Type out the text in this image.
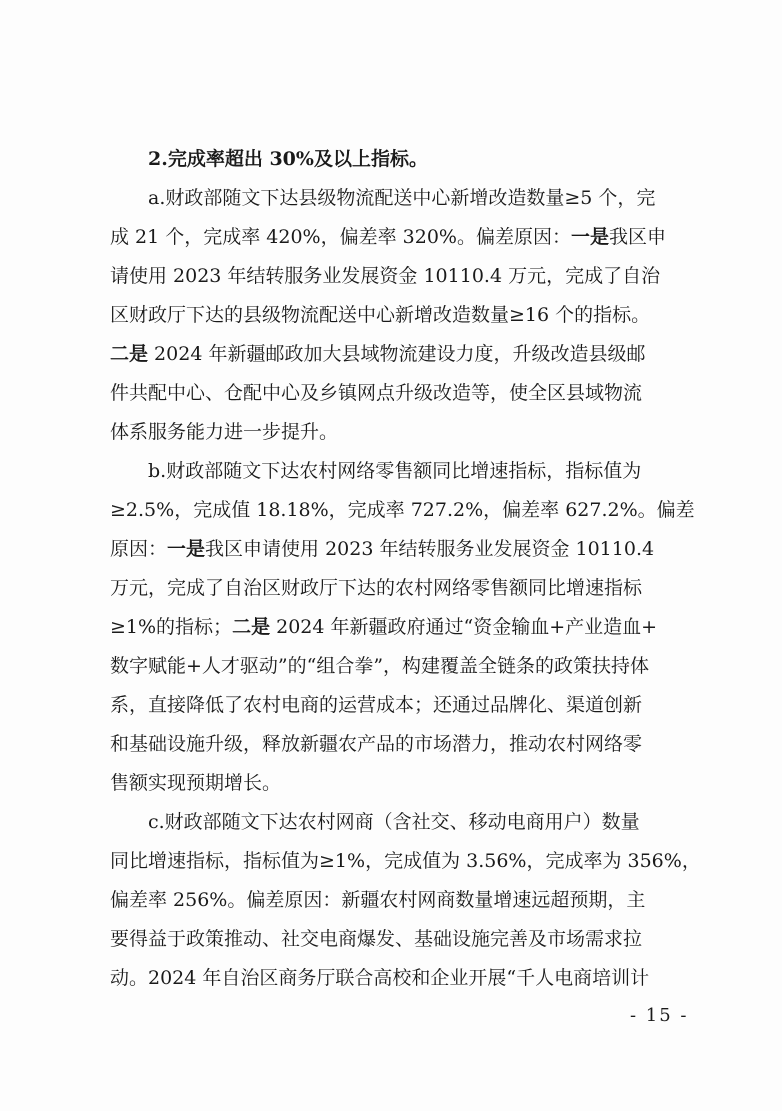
2.完成率超出 30%及以上指标。

a.财政部随文下达县级物流配送中心新增改造数量≥5 个，完
成 21 个，完成率 420%，偏差率 320%。偏差原因：一是我区申
请使用 2023 年结转服务业发展资金 10110.4 万元，完成了自治
区财政厅下达的县级物流配送中心新增改造数量≥16 个的指标。
二是 2024 年新疆邮政加大县域物流建设力度，升级改造县级邮
件共配中心、仓配中心及乡镇网点升级改造等，使全区县域物流
体系服务能力进一步提升。

b.财政部随文下达农村网络零售额同比增速指标，指标值为
≥2.5%，完成值 18.18%，完成率 727.2%，偏差率 627.2%。偏差
原因：一是我区申请使用 2023 年结转服务业发展资金 10110.4
万元，完成了自治区财政厅下达的农村网络零售额同比增速指标
≥1%的指标；二是 2024 年新疆政府通过“资金输血+产业造血+
数字赋能+人才驱动”的“组合拳”，构建覆盖全链条的政策扶持体
系，直接降低了农村电商的运营成本；还通过品牌化、渠道创新
和基础设施升级，释放新疆农产品的市场潜力，推动农村网络零
售额实现预期增长。

c.财政部随文下达农村网商（含社交、移动电商用户）数量
同比增速指标，指标值为≥1%，完成值为 3.56%，完成率为 356%，
偏差率 256%。偏差原因：新疆农村网商数量增速远超预期，主
要得益于政策推动、社交电商爆发、基础设施完善及市场需求拉
动。2024 年自治区商务厅联合高校和企业开展“千人电商培训计

- 15 -
